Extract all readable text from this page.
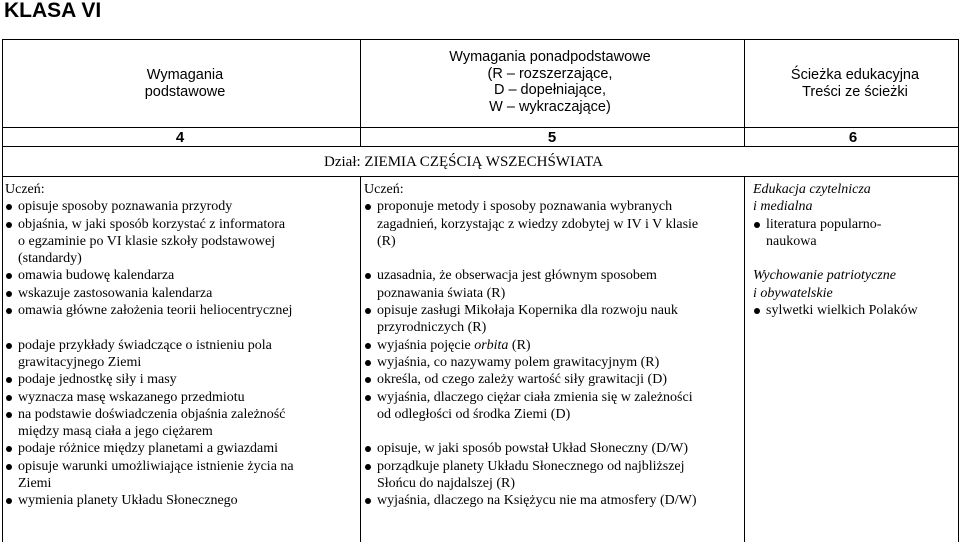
KLASA VI
Wymagania
podstawowe
Wymagania ponadpodstawowe
(R – rozszerzające,
D – dopełniające,
W – wykraczające)
Ścieżka edukacyjna
Treści ze ścieżki
4	5	6
Dział: ZIEMIA CZĘŚCIĄ WSZECHŚWIATA
Uczeń:
opisuje sposoby poznawania przyrody
objaśnia, w jaki sposób korzystać z informatora
o egzaminie po VI klasie szkoły podstawowej
(standardy)
omawia budowę kalendarza
wskazuje zastosowania kalendarza
omawia główne założenia teorii heliocentrycznej
podaje przykłady świadczące o istnieniu pola
grawitacyjnego Ziemi
podaje jednostkę siły i masy
wyznacza masę wskazanego przedmiotu
na podstawie doświadczenia objaśnia zależność
między masą ciała a jego ciężarem
podaje różnice między planetami a gwiazdami
opisuje warunki umożliwiające istnienie życia na
Ziemi
wymienia planety Układu Słonecznego
Uczeń:
proponuje metody i sposoby poznawania wybranych
zagadnień, korzystając z wiedzy zdobytej w IV i V klasie
(R)
uzasadnia, że obserwacja jest głównym sposobem
poznawania świata (R)
opisuje zasługi Mikołaja Kopernika dla rozwoju nauk
przyrodniczych (R)
wyjaśnia pojęcie orbita (R)
wyjaśnia, co nazywamy polem grawitacyjnym (R)
określa, od czego zależy wartość siły grawitacji (D)
wyjaśnia, dlaczego ciężar ciała zmienia się w zależności
od odległości od środka Ziemi (D)
opisuje, w jaki sposób powstał Układ Słoneczny (D/W)
porządkuje planety Układu Słonecznego od najbliższej
Słońcu do najdalszej (R)
wyjaśnia, dlaczego na Księżycu nie ma atmosfery (D/W)
Edukacja czytelnicza
i medialna
literatura popularno-
naukowa
Wychowanie patriotyczne
i obywatelskie
sylwetki wielkich Polaków
